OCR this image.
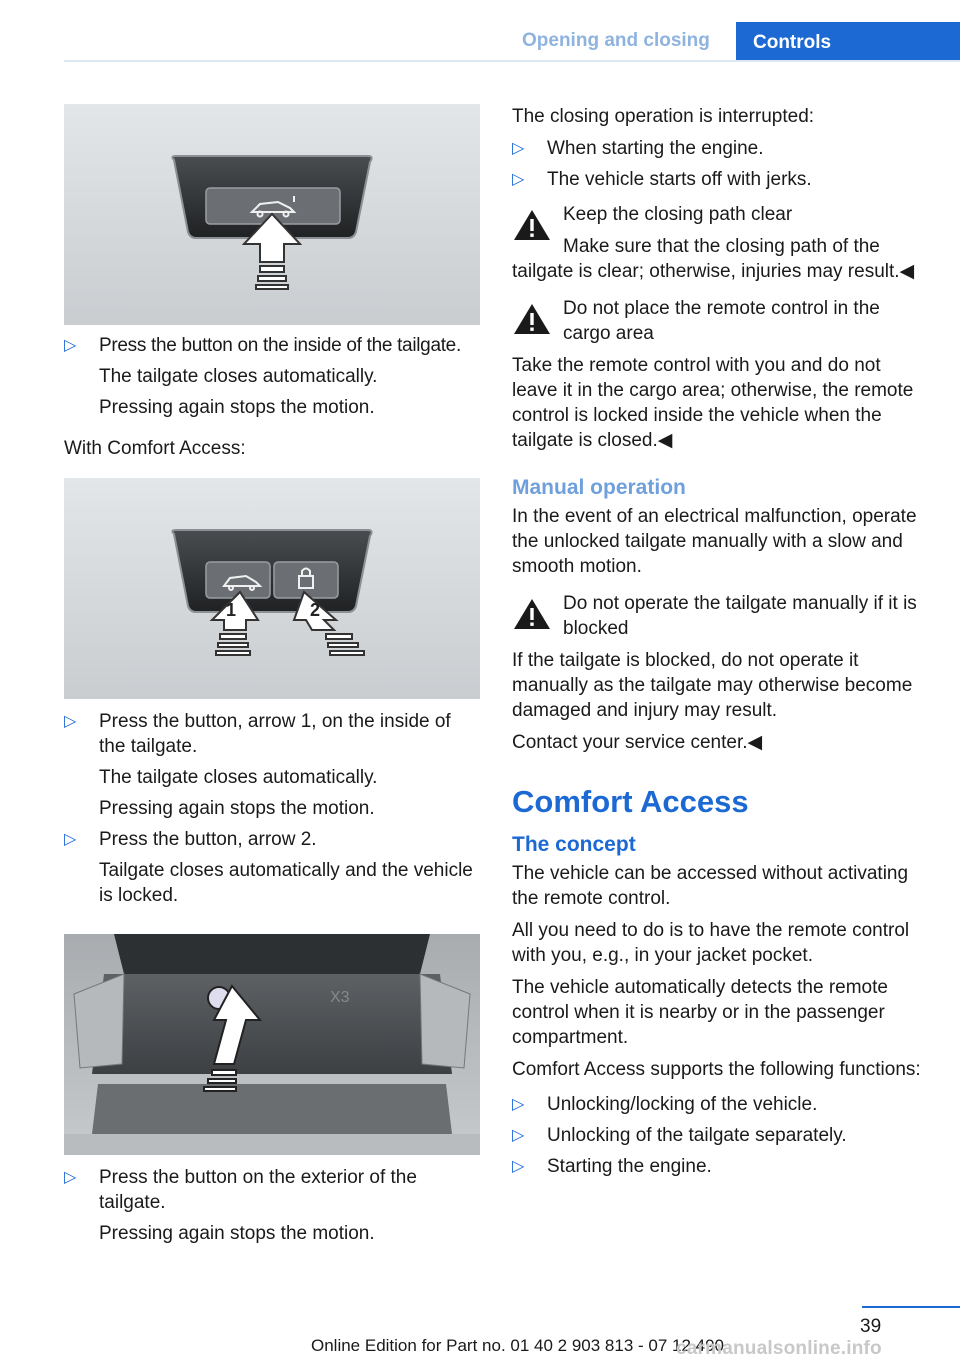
Opening and closing	Controls
▷ Press the button on the inside of the tailgate.
The tailgate closes automatically.
Pressing again stops the motion.
With Comfort Access:
1	2
▷ Press the button, arrow 1, on the inside of the tailgate.
The tailgate closes automatically.
Pressing again stops the motion.
▷ Press the button, arrow 2.
Tailgate closes automatically and the vehicle is locked.
X3
▷ Press the button on the exterior of the tailgate.
Pressing again stops the motion.
The closing operation is interrupted:
▷ When starting the engine.
▷ The vehicle starts off with jerks.
Keep the closing path clear
Make sure that the closing path of the tailgate is clear; otherwise, injuries may result.◀
Do not place the remote control in the cargo area
Take the remote control with you and do not leave it in the cargo area; otherwise, the remote control is locked inside the vehicle when the tailgate is closed.◀
Manual operation
In the event of an electrical malfunction, operate the unlocked tailgate manually with a slow and smooth motion.
Do not operate the tailgate manually if it is blocked
If the tailgate is blocked, do not operate it manually as the tailgate may otherwise become damaged and injury may result.
Contact your service center.◀
Comfort Access
The concept
The vehicle can be accessed without activating the remote control.
All you need to do is to have the remote control with you, e.g., in your jacket pocket.
The vehicle automatically detects the remote control when it is nearby or in the passenger compartment.
Comfort Access supports the following functions:
▷ Unlocking/locking of the vehicle.
▷ Unlocking of the tailgate separately.
▷ Starting the engine.
39
Online Edition for Part no. 01 40 2 903 813 - 07 12 490
carmanualsonline.info
